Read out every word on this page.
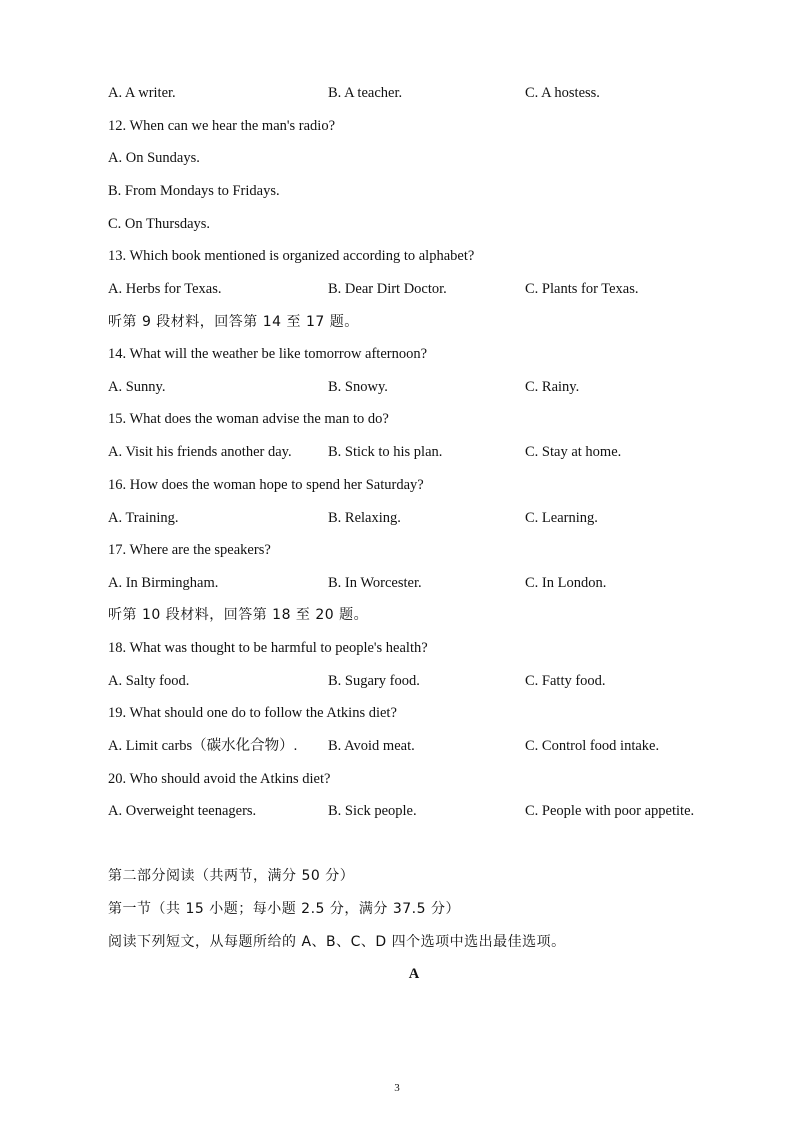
A. A writer.	B. A teacher.	C. A hostess.
12. When can we hear the man's radio?
A. On Sundays.
B. From Mondays to Fridays.
C. On Thursdays.
13. Which book mentioned is organized according to alphabet?
A. Herbs for Texas.	B. Dear Dirt Doctor.	C. Plants for Texas.
听第 9 段材料，回答第 14 至 17 题。
14. What will the weather be like tomorrow afternoon?
A. Sunny.	B. Snowy.	C. Rainy.
15. What does the woman advise the man to do?
A. Visit his friends another day.	B. Stick to his plan.	C. Stay at home.
16. How does the woman hope to spend her Saturday?
A. Training.	B. Relaxing.	C. Learning.
17. Where are the speakers?
A. In Birmingham.	B. In Worcester.	C. In London.
听第 10 段材料，回答第 18 至 20 题。
18. What was thought to be harmful to people's health?
A. Salty food.	B. Sugary food.	C. Fatty food.
19. What should one do to follow the Atkins diet?
A. Limit carbs（碳水化合物）. B. Avoid meat.	C. Control food intake.
20. Who should avoid the Atkins diet?
A. Overweight teenagers.	B. Sick people.	C. People with poor appetite.
第二部分阅读（共两节，满分 50 分）
第一节（共 15 小题；每小题 2.5 分，满分 37.5 分）
阅读下列短文，从每题所给的 A、B、C、D 四个选项中选出最佳选项。
A
3
